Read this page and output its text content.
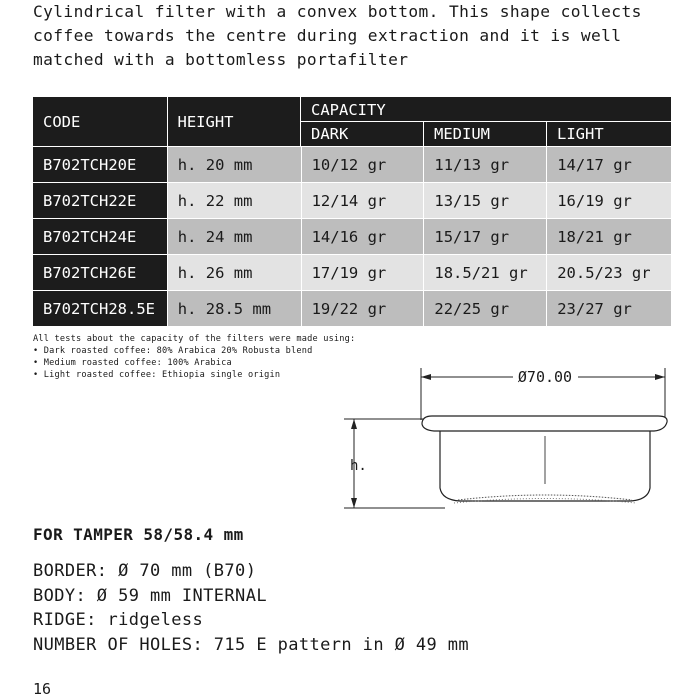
Cylindrical filter with a convex bottom. This shape collects
coffee towards the centre during extraction and it is well
matched with a bottomless portafilter
CODE	HEIGHT
CAPACITY
DARK	MEDIUM	LIGHT
B702TCH20E	h. 20 mm	10/12 gr	11/13 gr	14/17 gr
B702TCH22E	h. 22 mm	12/14 gr	13/15 gr	16/19 gr
B702TCH24E	h. 24 mm	14/16 gr	15/17 gr	18/21 gr
B702TCH26E	h. 26 mm	17/19 gr	18.5/21 gr	20.5/23 gr
B702TCH28.5E	h. 28.5 mm	19/22 gr	22/25 gr	23/27 gr
All tests about the capacity of the filters were made using:
• Dark roasted coffee: 80% Arabica 20% Robusta blend
• Medium roasted coffee: 100% Arabica
• Light roasted coffee: Ethiopia single origin	Ø70.00
h.
FOR TAMPER 58/58.4 mm
BORDER: Ø 70 mm (B70)
BODY: Ø 59 mm INTERNAL
RIDGE: ridgeless
NUMBER OF HOLES: 715 E pattern in Ø 49 mm
16
